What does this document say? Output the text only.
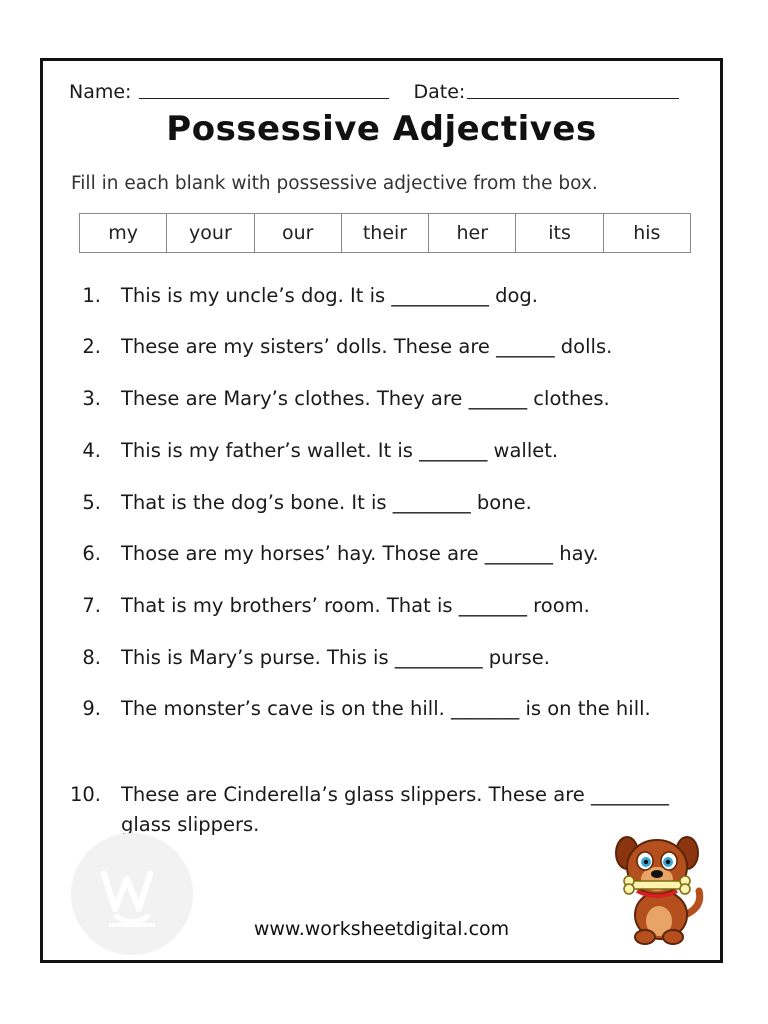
Name:	Date:
Possessive Adjectives
Fill in each blank with possessive adjective from the box.
my	your	our	their	her	its	his
1. This is my uncle’s dog. It is __________ dog.
2. These are my sisters’ dolls. These are ______ dolls.
3. These are Mary’s clothes. They are ______ clothes.
4. This is my father’s wallet. It is _______ wallet.
5. That is the dog’s bone. It is ________ bone.
6. Those are my horses’ hay. Those are _______ hay.
7. That is my brothers’ room. That is _______ room.
8. This is Mary’s purse. This is _________ purse.
9. The monster’s cave is on the hill. _______ is on the hill.
10. These are Cinderella’s glass slippers. These are ________ glass slippers.
www.worksheetdigital.com
